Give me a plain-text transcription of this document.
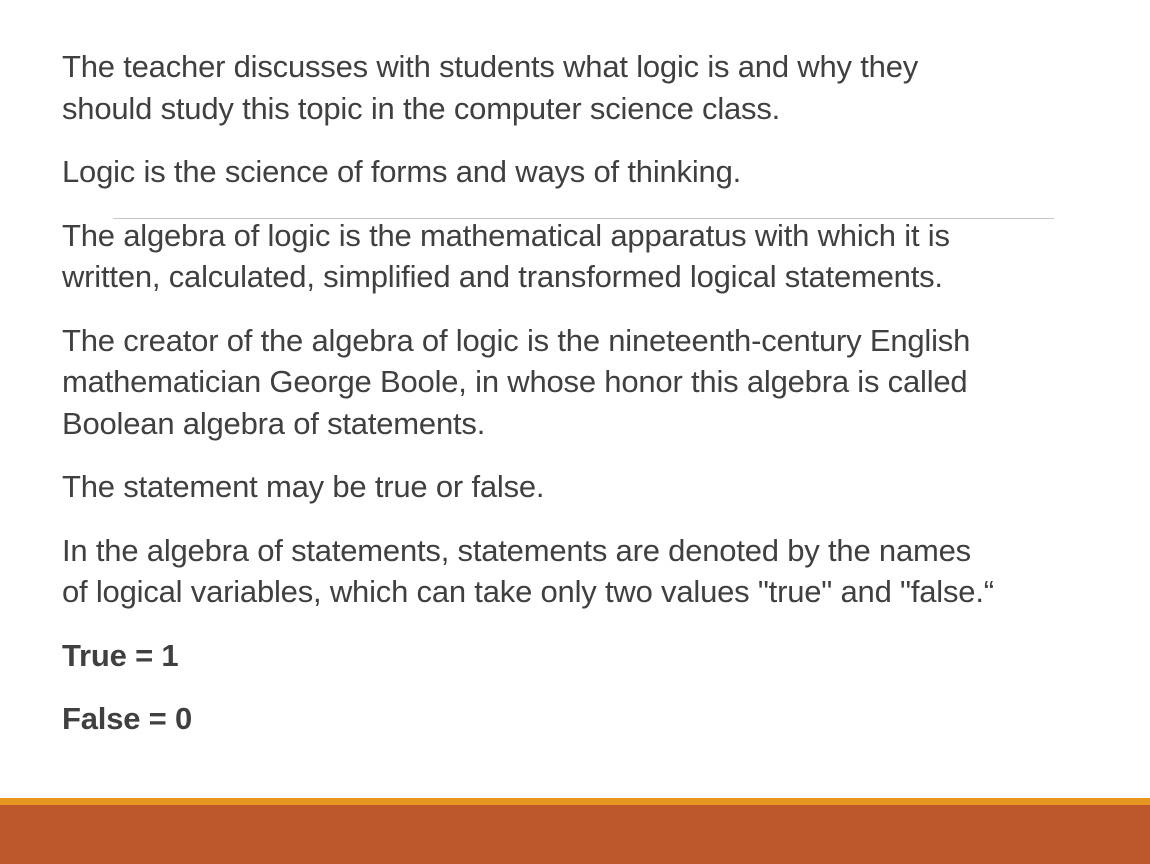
The teacher discusses with students what logic is and why they
should study this topic in the computer science class.

Logic is the science of forms and ways of thinking.

The algebra of logic is the mathematical apparatus with which it is
written, calculated, simplified and transformed logical statements.

The creator of the algebra of logic is the nineteenth-century English
mathematician George Boole, in whose honor this algebra is called
Boolean algebra of statements.

The statement may be true or false.

In the algebra of statements, statements are denoted by the names
of logical variables, which can take only two values "true" and "false.“

True = 1

False = 0
